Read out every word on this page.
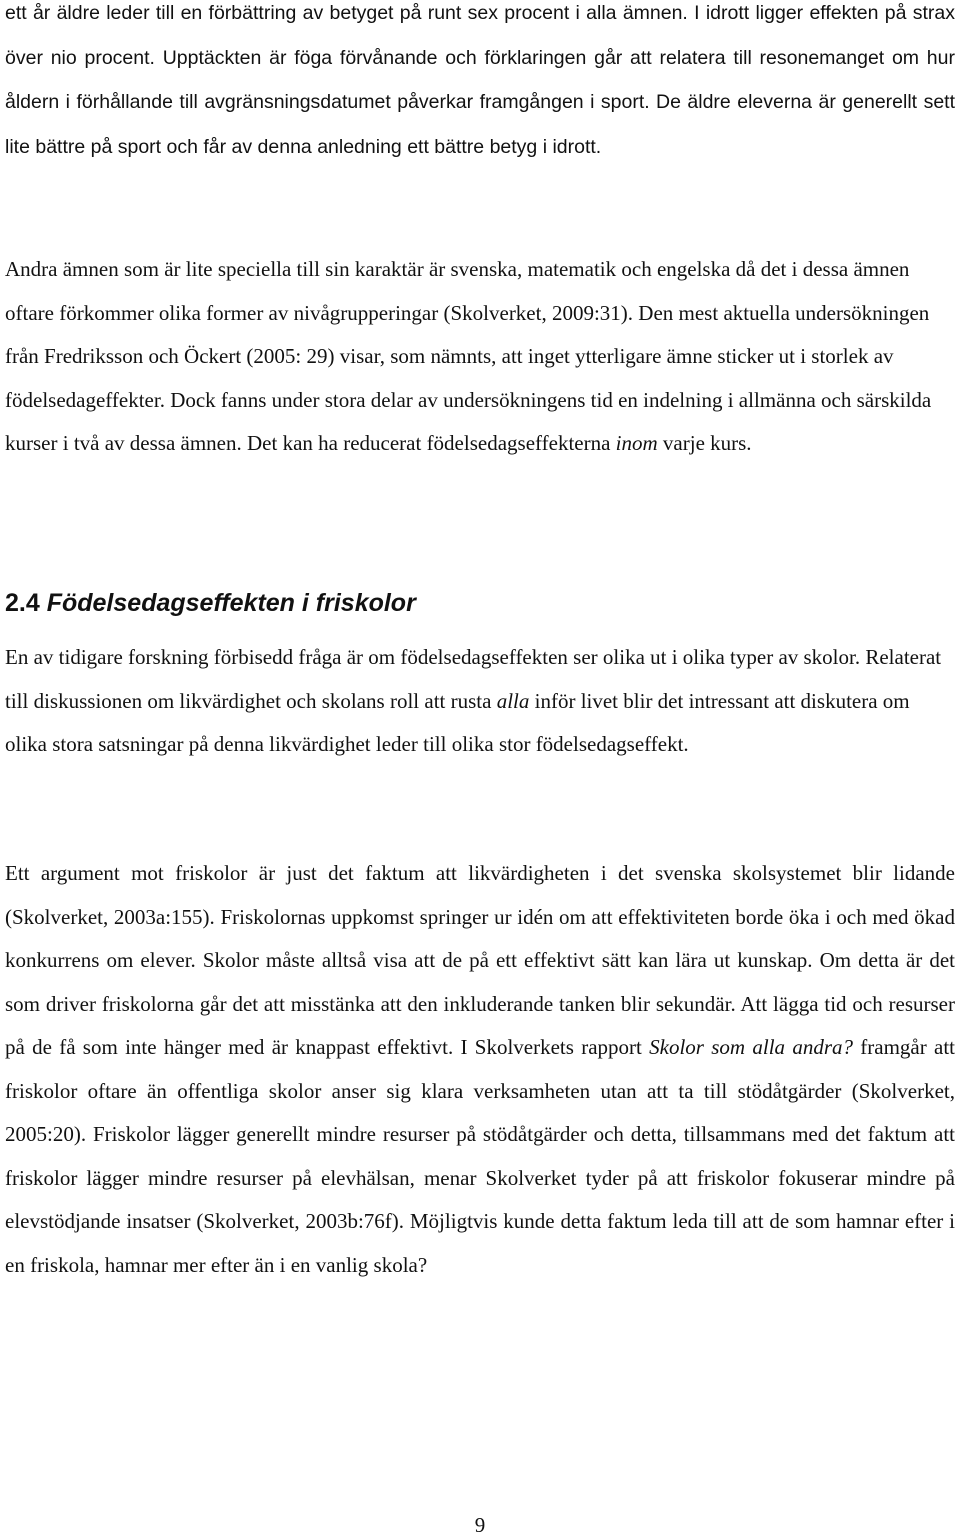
ett år äldre leder till en förbättring av betyget på runt sex procent i alla ämnen. I idrott ligger effekten på strax över nio procent. Upptäckten är föga förvånande och förklaringen går att relatera till resonemanget om hur åldern i förhållande till avgränsningsdatumet påverkar framgången i sport. De äldre eleverna är generellt sett lite bättre på sport och får av denna anledning ett bättre betyg i idrott.

Andra ämnen som är lite speciella till sin karaktär är svenska, matematik och engelska då det i dessa ämnen oftare förkommer olika former av nivågrupperingar (Skolverket, 2009:31). Den mest aktuella undersökningen från Fredriksson och Öckert (2005: 29) visar, som nämnts, att inget ytterligare ämne sticker ut i storlek av födelsedageffekter. Dock fanns under stora delar av undersökningens tid en indelning i allmänna och särskilda kurser i två av dessa ämnen. Det kan ha reducerat födelsedagseffekterna inom varje kurs.

2.4 Födelsedagseffekten i friskolor

En av tidigare forskning förbisedd fråga är om födelsedagseffekten ser olika ut i olika typer av skolor. Relaterat till diskussionen om likvärdighet och skolans roll att rusta alla inför livet blir det intressant att diskutera om olika stora satsningar på denna likvärdighet leder till olika stor födelsedagseffekt.

Ett argument mot friskolor är just det faktum att likvärdigheten i det svenska skolsystemet blir lidande (Skolverket, 2003a:155). Friskolornas uppkomst springer ur idén om att effektiviteten borde öka i och med ökad konkurrens om elever. Skolor måste alltså visa att de på ett effektivt sätt kan lära ut kunskap. Om detta är det som driver friskolorna går det att misstänka att den inkluderande tanken blir sekundär. Att lägga tid och resurser på de få som inte hänger med är knappast effektivt. I Skolverkets rapport Skolor som alla andra? framgår att friskolor oftare än offentliga skolor anser sig klara verksamheten utan att ta till stödåtgärder (Skolverket, 2005:20). Friskolor lägger generellt mindre resurser på stödåtgärder och detta, tillsammans med det faktum att friskolor lägger mindre resurser på elevhälsan, menar Skolverket tyder på att friskolor fokuserar mindre på elevstödjande insatser (Skolverket, 2003b:76f). Möjligtvis kunde detta faktum leda till att de som hamnar efter i en friskola, hamnar mer efter än i en vanlig skola?

9
